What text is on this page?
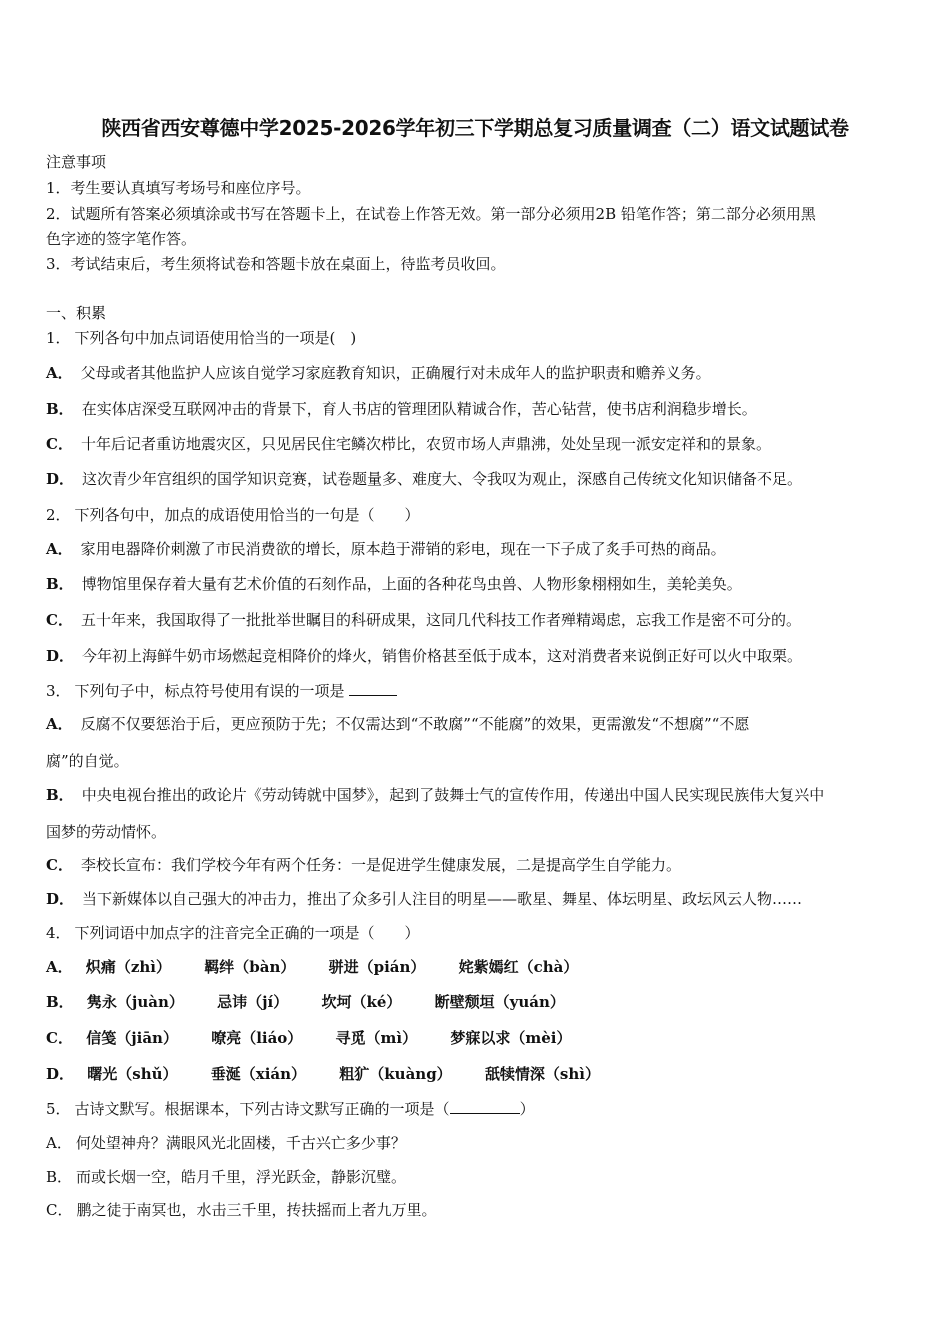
陕西省西安尊德中学2025-2026学年初三下学期总复习质量调查（二）语文试题试卷
注意事项
1．考生要认真填写考场号和座位序号。
2．试题所有答案必须填涂或书写在答题卡上，在试卷上作答无效。第一部分必须用2B 铅笔作答；第二部分必须用黑
色字迹的签字笔作答。
3．考试结束后，考生须将试卷和答题卡放在桌面上，待监考员收回。
一、积累
1． 下列各句中加点词语使用恰当的一项是(　)
A． 父母或者其他监护人应该自觉学习家庭教育知识，正确履行对未成年人的监护职责和赡养义务。
B． 在实体店深受互联网冲击的背景下，育人书店的管理团队精诚合作，苦心钻营，使书店利润稳步增长。
C． 十年后记者重访地震灾区，只见居民住宅鳞次栉比，农贸市场人声鼎沸，处处呈现一派安定祥和的景象。
D． 这次青少年宫组织的国学知识竞赛，试卷题量多、难度大、令我叹为观止，深感自己传统文化知识储备不足。
2． 下列各句中，加点的成语使用恰当的一句是（　　）
A． 家用电器降价刺激了市民消费欲的增长，原本趋于滞销的彩电，现在一下子成了炙手可热的商品。
B． 博物馆里保存着大量有艺术价值的石刻作品，上面的各种花鸟虫兽、人物形象栩栩如生，美轮美奂。
C． 五十年来，我国取得了一批批举世瞩目的科研成果，这同几代科技工作者殚精竭虑，忘我工作是密不可分的。
D． 今年初上海鲜牛奶市场燃起竞相降价的烽火，销售价格甚至低于成本，这对消费者来说倒正好可以火中取栗。
3． 下列句子中，标点符号使用有误的一项是
A． 反腐不仅要惩治于后，更应预防于先；不仅需达到“不敢腐”“不能腐”的效果，更需激发“不想腐”“不愿
腐”的自觉。
B． 中央电视台推出的政论片《劳动铸就中国梦》，起到了鼓舞士气的宣传作用，传递出中国人民实现民族伟大复兴中
国梦的劳动情怀。
C． 李校长宣布：我们学校今年有两个任务：一是促进学生健康发展，二是提高学生自学能力。
D． 当下新媒体以自己强大的冲击力，推出了众多引人注目的明星——歌星、舞星、体坛明星、政坛风云人物……
4． 下列词语中加点字的注音完全正确的一项是（　　）
A． 炽痛（zhì） 羁绊（bàn） 骈进（pián） 姹紫嫣红（chà）
B． 隽永（juàn） 忌讳（jí） 坎坷（ké） 断壁颓垣（yuán）
C． 信笺（jiān） 嘹亮（liáo） 寻觅（mì） 梦寐以求（mèi）
D． 曙光（shǔ） 垂涎（xián） 粗犷（kuàng） 舐犊情深（shì）
5． 古诗文默写。根据课本，下列古诗文默写正确的一项是（	）
A． 何处望神舟？满眼风光北固楼，千古兴亡多少事？
B． 而或长烟一空，皓月千里，浮光跃金，静影沉璧。
C． 鹏之徒于南冥也，水击三千里，抟扶摇而上者九万里。
